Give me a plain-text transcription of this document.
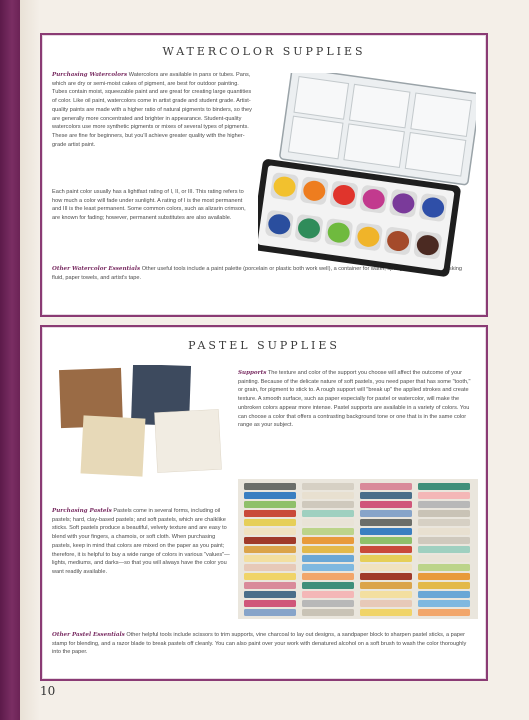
WATERCOLOR SUPPLIES
Purchasing Watercolors Watercolors are available in pans or tubes. Pans, which are dry or semi-moist cakes of pigment, are best for outdoor painting. Tubes contain moist, squeezable paint and are great for creating large quantities of color. Like oil paint, watercolors come in artist grade and student grade. Artist-quality paints are made with a higher ratio of natural pigments to binders, so they are generally more concentrated and brighter in appearance. Student-quality watercolors use more synthetic pigments or mixes of several types of pigments. These are fine for beginners, but you'll achieve greater quality with the higher-grade artist paint.
Each paint color usually has a lightfast rating of I, II, or III. This rating refers to how much a color will fade under sunlight. A rating of I is the most permanent and III is the least permanent. Some common colors, such as alizarin crimson, are known for fading; however, permanent substitutes are also available.
Other Watercolor Essentials Other useful tools include a paint palette (porcelain or plastic both work well), a container for water, sponges for dabbing, masking fluid, paper towels, and artist's tape.
PASTEL SUPPLIES
Supports The texture and color of the support you choose will affect the outcome of your painting. Because of the delicate nature of soft pastels, you need paper that has some "tooth," or grain, for pigment to stick to. A rough support will "break up" the applied strokes and create texture. A smooth surface, such as paper especially for pastel or watercolor, will make the unbroken colors appear more intense. Pastel supports are available in a variety of colors. You can choose a color that offers a contrasting background tone or one that is in the same color range as your subject.
Purchasing Pastels Pastels come in several forms, including oil pastels; hard, clay-based pastels; and soft pastels, which are chalklike sticks. Soft pastels produce a beautiful, velvety texture and are easy to blend with your fingers, a chamois, or soft cloth. When purchasing pastels, keep in mind that colors are mixed on the paper as you paint; therefore, it is helpful to buy a wide range of colors in various "values"—lights, mediums, and darks—so that you will always have the color you want readily available.
Other Pastel Essentials Other helpful tools include scissors to trim supports, vine charcoal to lay out designs, a sandpaper block to sharpen pastel sticks, a paper stamp for blending, and a razor blade to break pastels off cleanly. You can also paint over your work with denatured alcohol on a soft brush to wash the color thoroughly into the paper.
10
